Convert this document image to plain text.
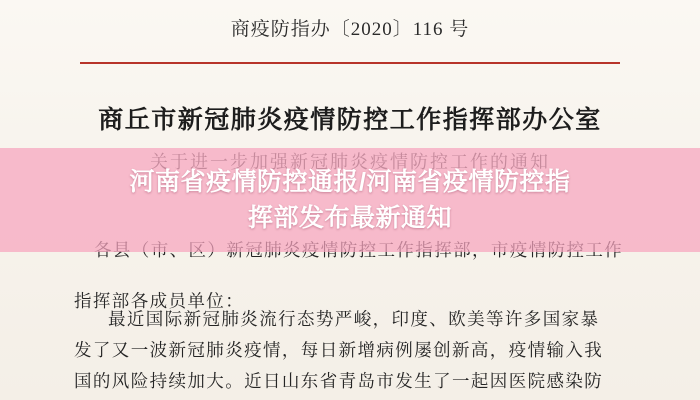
商疫防指办〔2020〕116 号
商丘市新冠肺炎疫情防控工作指挥部办公室
指挥部各成员单位：
最近国际新冠肺炎流行态势严峻，印度、欧美等许多国家暴
发了又一波新冠肺炎疫情，每日新增病例屡创新高，疫情输入我
国的风险持续加大。近日山东省青岛市发生了一起因医院感染防
河南省疫情防控通报/河南省疫情防控指
挥部发布最新通知
